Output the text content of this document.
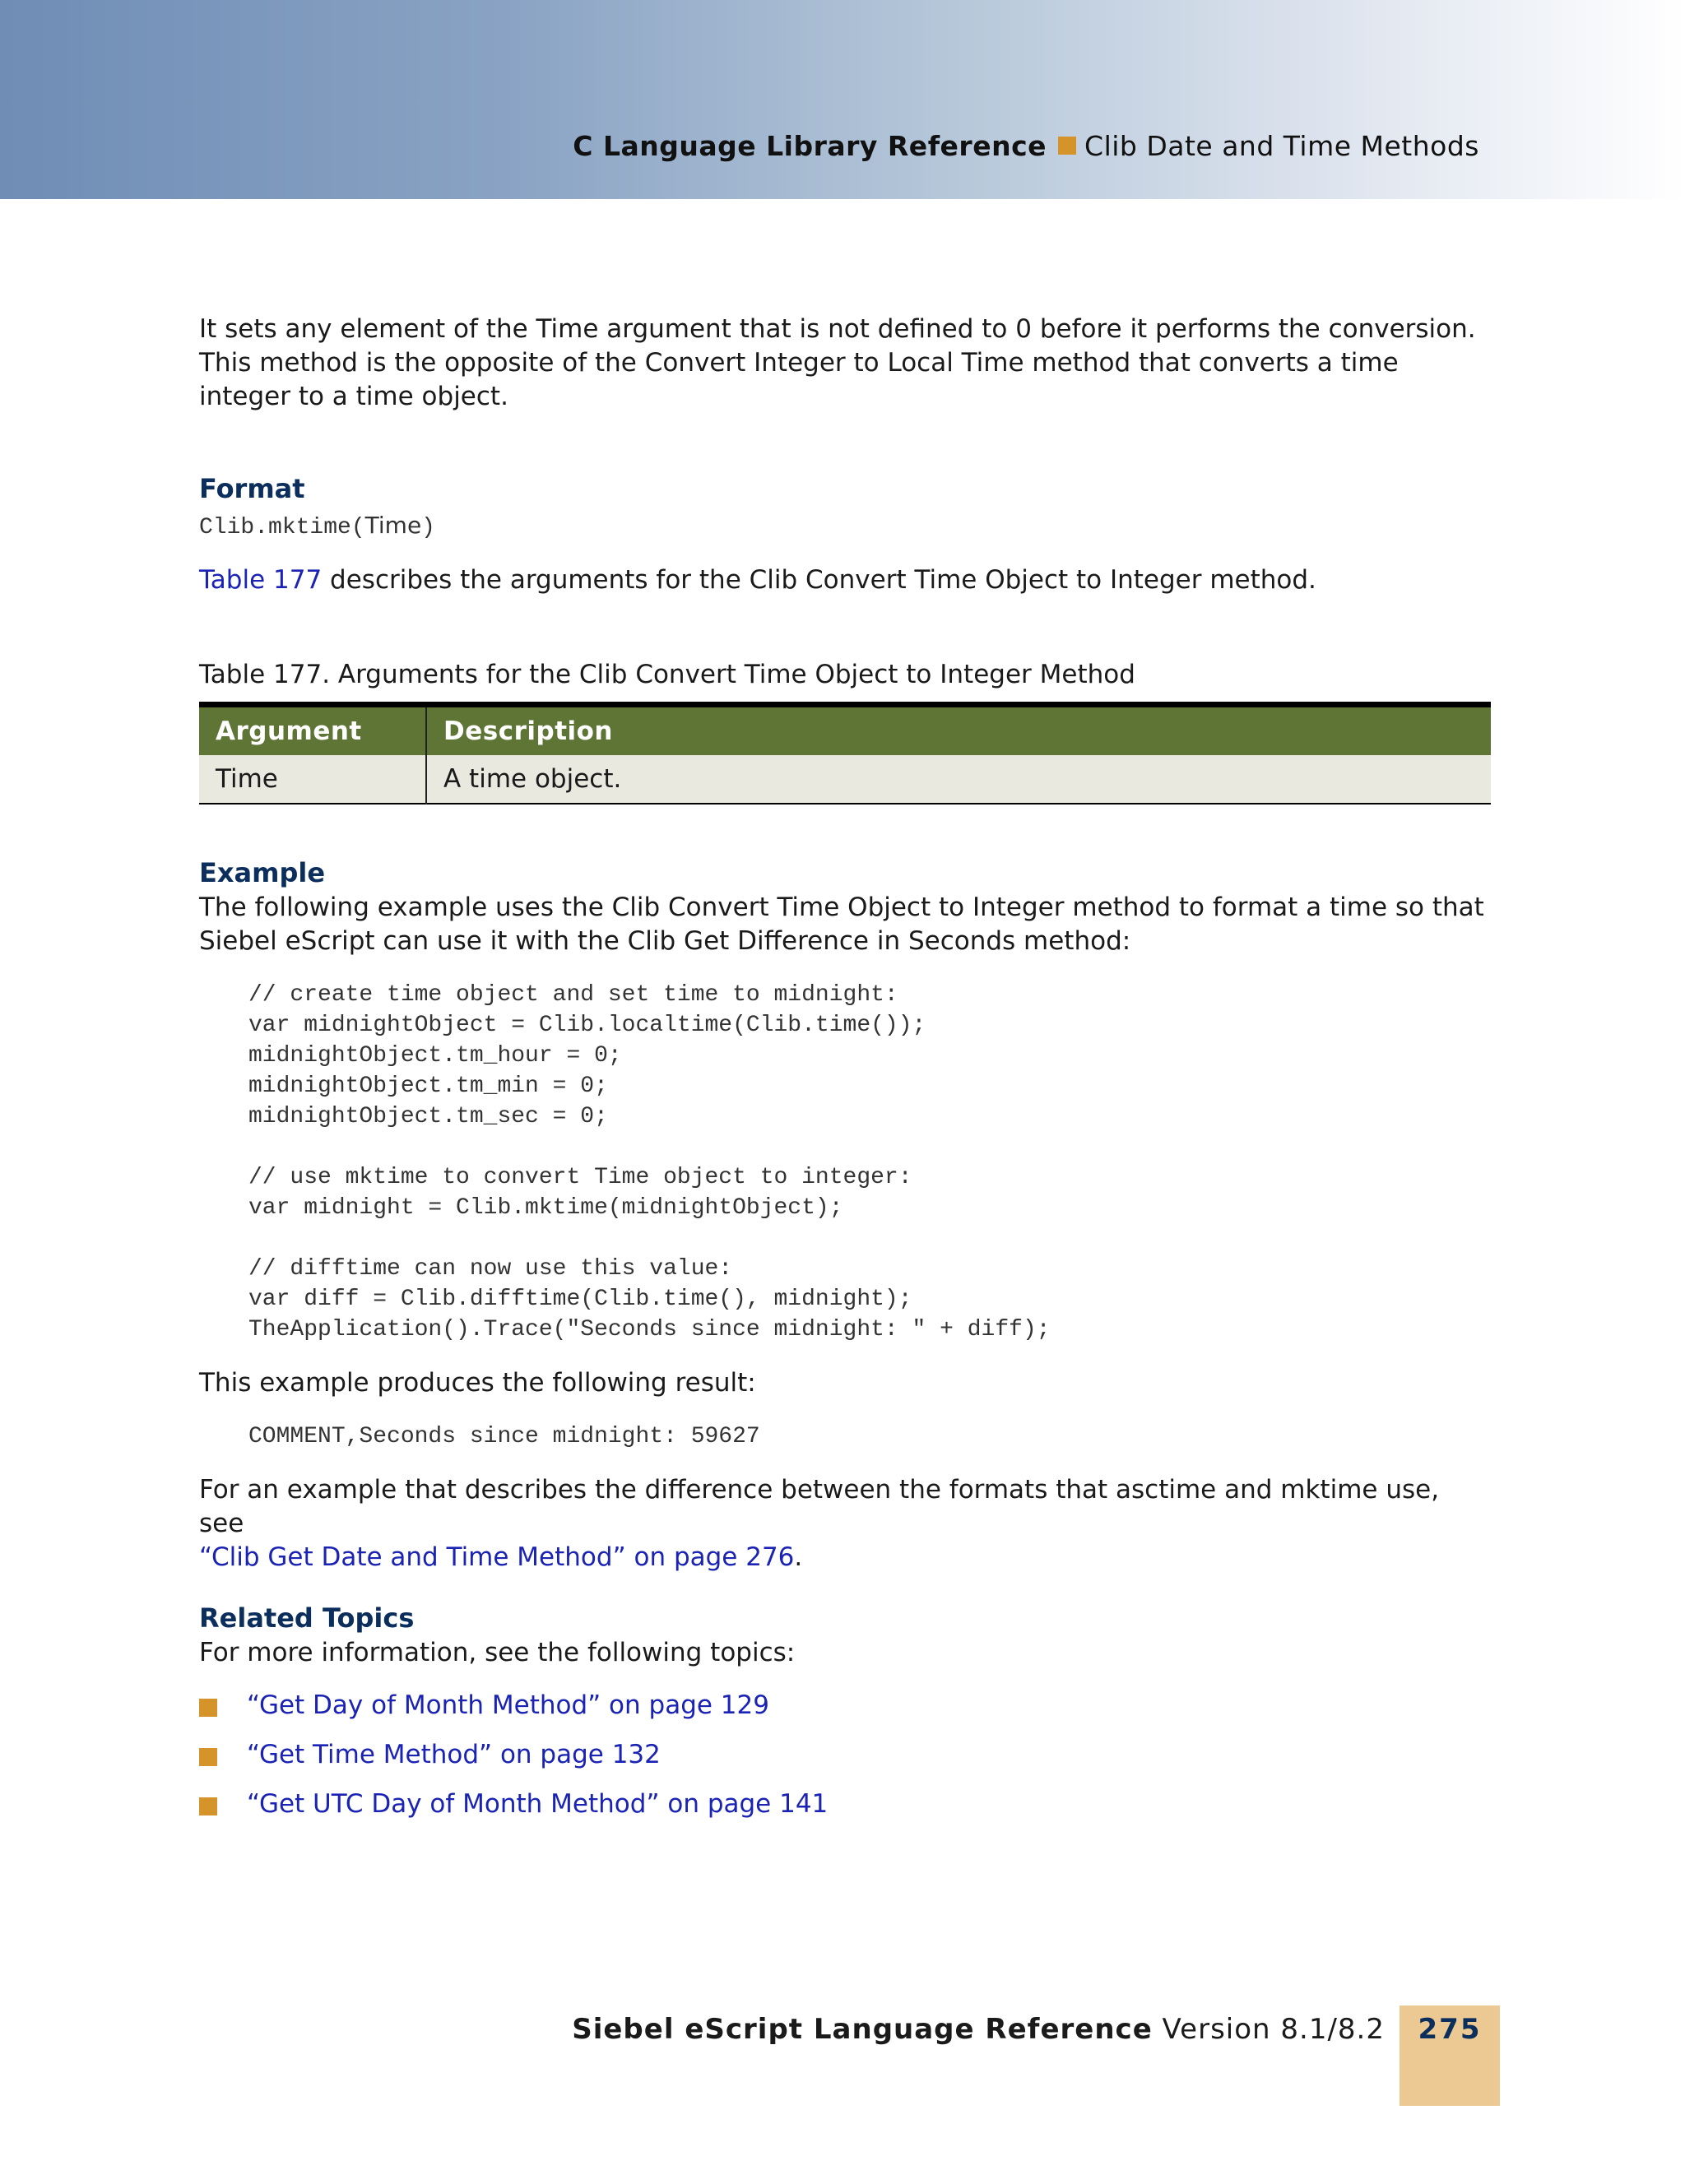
C Language Library Reference Clib Date and Time Methods

It sets any element of the Time argument that is not defined to 0 before it performs the conversion. This method is the opposite of the Convert Integer to Local Time method that converts a time integer to a time object.

Format

Clib.mktime(Time)

Table 177 describes the arguments for the Clib Convert Time Object to Integer method.

Table 177. Arguments for the Clib Convert Time Object to Integer Method

Argument	Description
Time	A time object.

Example

The following example uses the Clib Convert Time Object to Integer method to format a time so that Siebel eScript can use it with the Clib Get Difference in Seconds method:

// create time object and set time to midnight:
var midnightObject = Clib.localtime(Clib.time());
midnightObject.tm_hour = 0;
midnightObject.tm_min = 0;
midnightObject.tm_sec = 0;

// use mktime to convert Time object to integer:
var midnight = Clib.mktime(midnightObject);

// difftime can now use this value:
var diff = Clib.difftime(Clib.time(), midnight);
TheApplication().Trace("Seconds since midnight: " + diff);

This example produces the following result:

COMMENT,Seconds since midnight: 59627

For an example that describes the difference between the formats that asctime and mktime use, see
“Clib Get Date and Time Method” on page 276.

Related Topics

For more information, see the following topics:

“Get Day of Month Method” on page 129
“Get Time Method” on page 132
“Get UTC Day of Month Method” on page 141
Siebel eScript Language Reference Version 8.1/8.2	275
